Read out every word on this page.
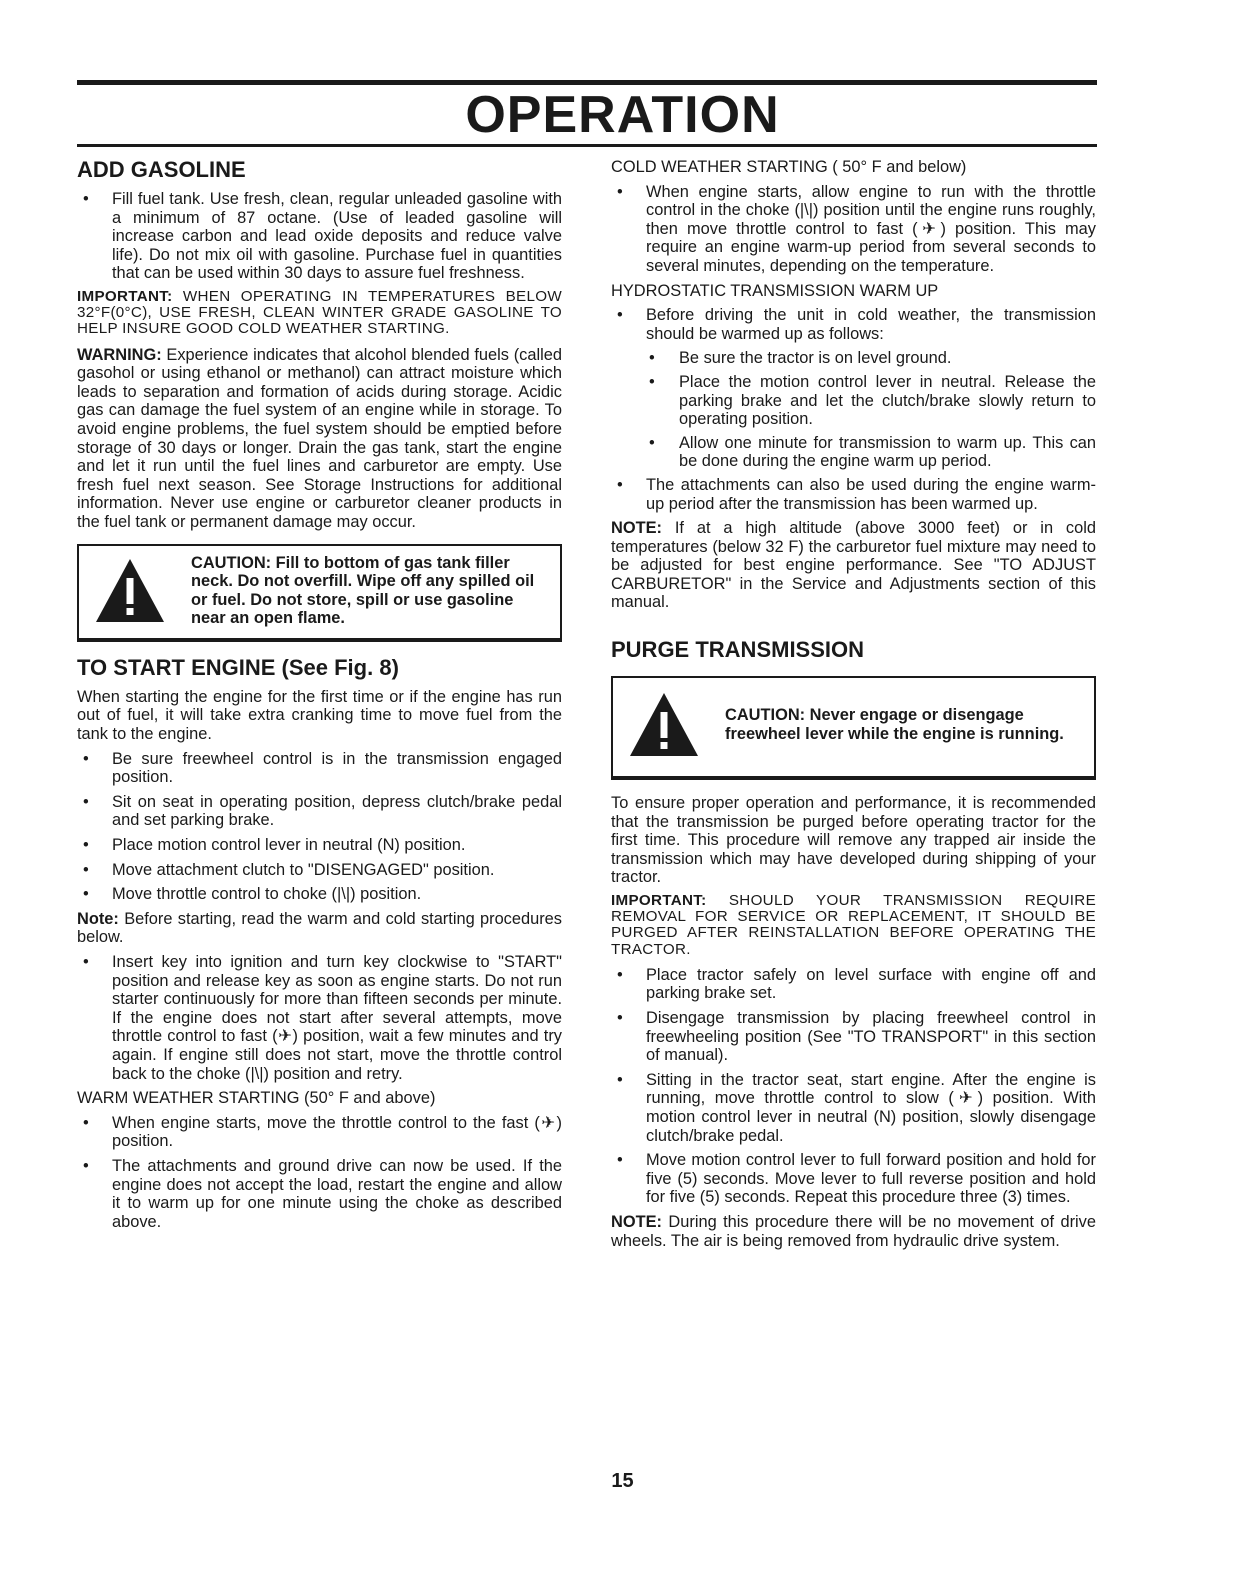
OPERATION
ADD GASOLINE
• Fill fuel tank. Use fresh, clean, regular unleaded gasoline with a minimum of 87 octane. (Use of leaded gasoline will increase carbon and lead oxide deposits and reduce valve life). Do not mix oil with gasoline. Purchase fuel in quantities that can be used within 30 days to assure fuel freshness.
IMPORTANT: WHEN OPERATING IN TEMPERATURES BELOW 32°F(0°C), USE FRESH, CLEAN WINTER GRADE GASOLINE TO HELP INSURE GOOD COLD WEATHER STARTING.

WARNING: Experience indicates that alcohol blended fuels (called gasohol or using ethanol or methanol) can attract moisture which leads to separation and formation of acids during storage. Acidic gas can damage the fuel system of an engine while in storage. To avoid engine problems, the fuel system should be emptied before storage of 30 days or longer. Drain the gas tank, start the engine and let it run until the fuel lines and carburetor are empty. Use fresh fuel next season. See Storage Instructions for additional information. Never use engine or carburetor cleaner products in the fuel tank or permanent damage may occur.

CAUTION: Fill to bottom of gas tank filler neck. Do not overfill. Wipe off any spilled oil or fuel. Do not store, spill or use gasoline near an open flame.
TO START ENGINE (See Fig. 8)

When starting the engine for the first time or if the engine has run out of fuel, it will take extra cranking time to move fuel from the tank to the engine.

• Be sure freewheel control is in the transmission engaged position.
• Sit on seat in operating position, depress clutch/brake pedal and set parking brake.
• Place motion control lever in neutral (N) position.
• Move attachment clutch to "DISENGAGED" position.
• Move throttle control to choke (|\|) position.

Note: Before starting, read the warm and cold starting procedures below.

• Insert key into ignition and turn key clockwise to "START" position and release key as soon as engine starts. Do not run starter continuously for more than fifteen seconds per minute. If the engine does not start after several attempts, move throttle control to fast (✈) position, wait a few minutes and try again. If engine still does not start, move the throttle control back to the choke (|\|) position and retry.
WARM WEATHER STARTING (50° F and above)
• When engine starts, move the throttle control to the fast (✈) position.
• The attachments and ground drive can now be used. If the engine does not accept the load, restart the engine and allow it to warm up for one minute using the choke as described above.
COLD WEATHER STARTING ( 50° F and below)
• When engine starts, allow engine to run with the throttle control in the choke (|\|) position until the engine runs roughly, then move throttle control to fast (✈) position. This may require an engine warm-up period from several seconds to several minutes, depending on the temperature.
HYDROSTATIC TRANSMISSION WARM UP
• Before driving the unit in cold weather, the transmission should be warmed up as follows:
• Be sure the tractor is on level ground.
• Place the motion control lever in neutral. Release the parking brake and let the clutch/brake slowly return to operating position.
• Allow one minute for transmission to warm up. This can be done during the engine warm up period.
• The attachments can also be used during the engine warm-up period after the transmission has been warmed up.

NOTE: If at a high altitude (above 3000 feet) or in cold temperatures (below 32 F) the carburetor fuel mixture may need to be adjusted for best engine performance. See "TO ADJUST CARBURETOR" in the Service and Adjustments section of this manual.

PURGE TRANSMISSION
CAUTION: Never engage or disengage freewheel lever while the engine is running.

To ensure proper operation and performance, it is recommended that the transmission be purged before operating tractor for the first time. This procedure will remove any trapped air inside the transmission which may have developed during shipping of your tractor.

IMPORTANT: SHOULD YOUR TRANSMISSION REQUIRE REMOVAL FOR SERVICE OR REPLACEMENT, IT SHOULD BE PURGED AFTER REINSTALLATION BEFORE OPERATING THE TRACTOR.
• Place tractor safely on level surface with engine off and parking brake set.
• Disengage transmission by placing freewheel control in freewheeling position (See "TO TRANSPORT" in this section of manual).
• Sitting in the tractor seat, start engine. After the engine is running, move throttle control to slow (✈) position. With motion control lever in neutral (N) position, slowly disengage clutch/brake pedal.
• Move motion control lever to full forward position and hold for five (5) seconds. Move lever to full reverse position and hold for five (5) seconds. Repeat this procedure three (3) times.

NOTE: During this procedure there will be no movement of drive wheels. The air is being removed from hydraulic drive system.

15
